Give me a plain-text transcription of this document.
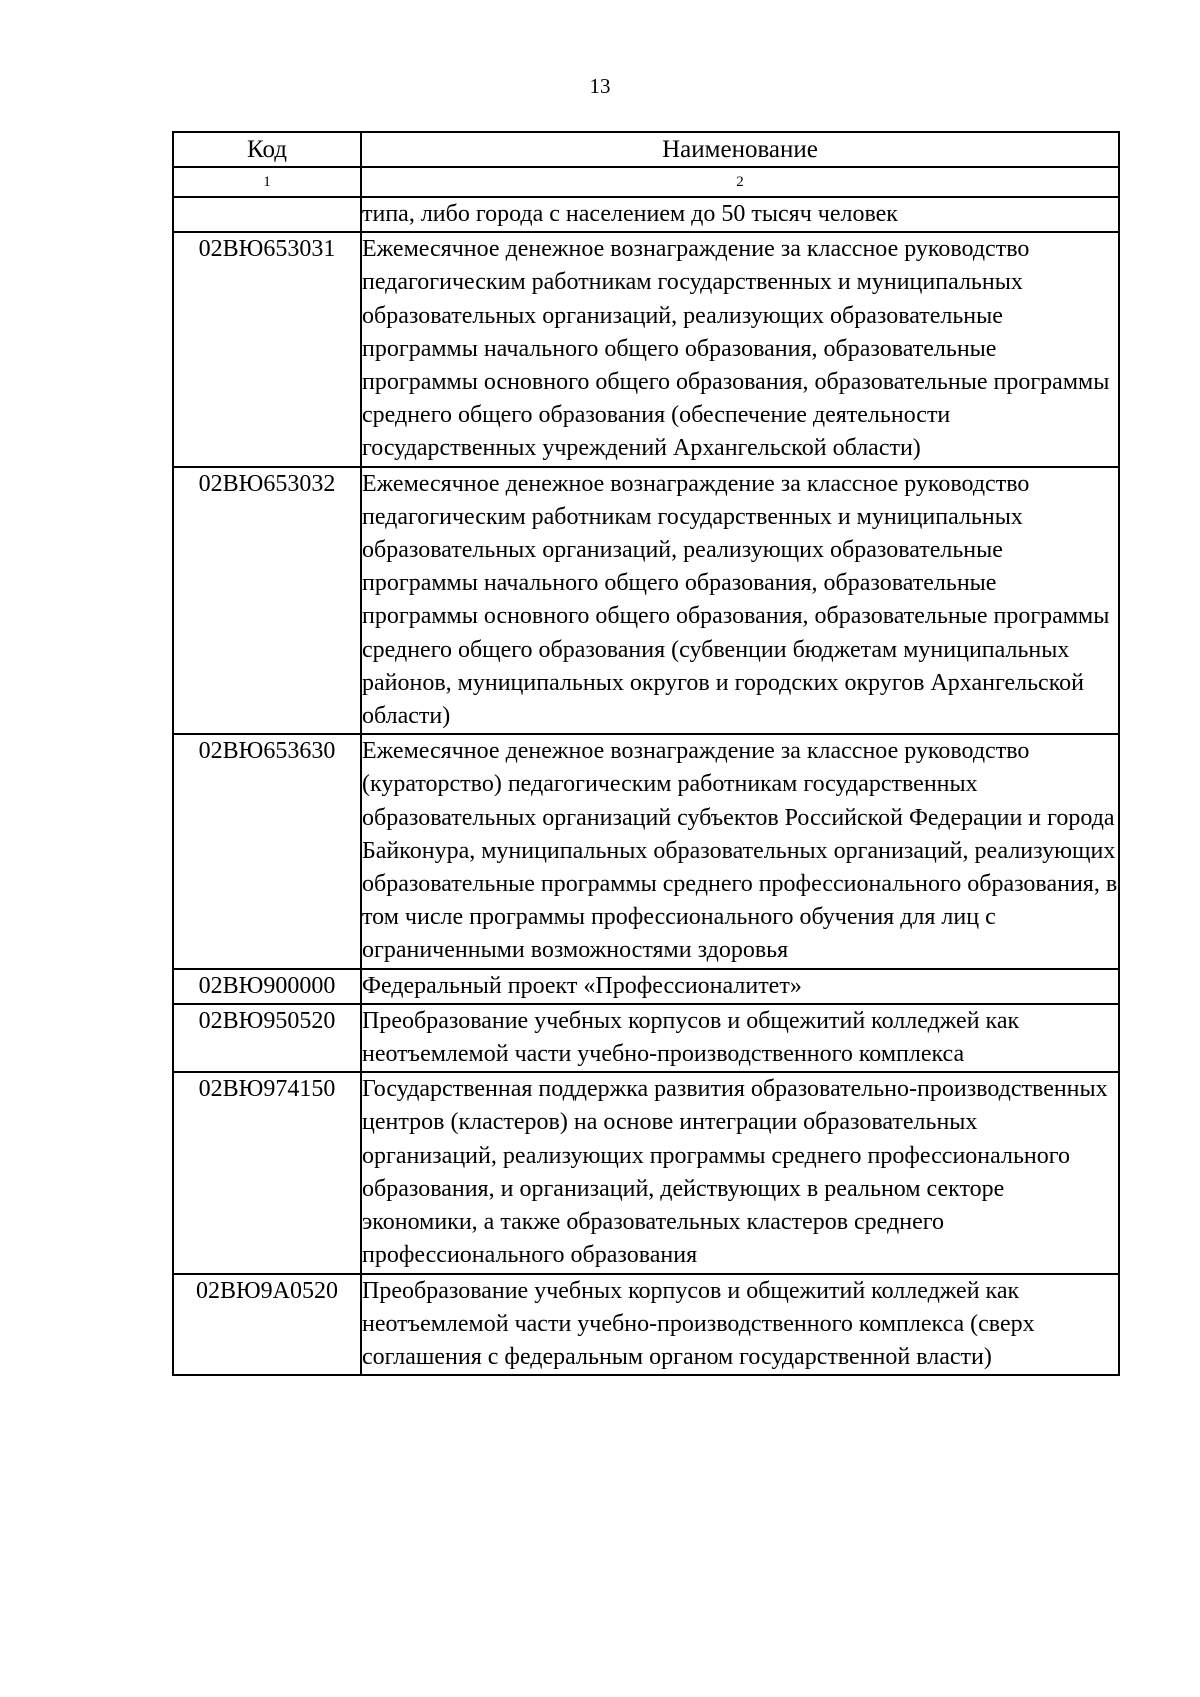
13
Код	Наименование
1	2
	типа, либо города с населением до 50 тысяч человек
02ВЮ653031	Ежемесячное денежное вознаграждение за классное руководство педагогическим работникам государственных и муниципальных образовательных организаций, реализующих образовательные программы начального общего образования, образовательные программы основного общего образования, образовательные программы среднего общего образования (обеспечение деятельности государственных учреждений Архангельской области)
02ВЮ653032	Ежемесячное денежное вознаграждение за классное руководство педагогическим работникам государственных и муниципальных образовательных организаций, реализующих образовательные программы начального общего образования, образовательные программы основного общего образования, образовательные программы среднего общего образования (субвенции бюджетам муниципальных районов, муниципальных округов и городских округов Архангельской области)
02ВЮ653630	Ежемесячное денежное вознаграждение за классное руководство (кураторство) педагогическим работникам государственных образовательных организаций субъектов Российской Федерации и города Байконура, муниципальных образовательных организаций, реализующих образовательные программы среднего профессионального образования, в том числе программы профессионального обучения для лиц с ограниченными возможностями здоровья
02ВЮ900000	Федеральный проект «Профессионалитет»
02ВЮ950520	Преобразование учебных корпусов и общежитий колледжей как неотъемлемой части учебно-производственного комплекса
02ВЮ974150	Государственная поддержка развития образовательно-производственных центров (кластеров) на основе интеграции образовательных организаций, реализующих программы среднего профессионального образования, и организаций, действующих в реальном секторе экономики, а также образовательных кластеров среднего профессионального образования
02ВЮ9А0520	Преобразование учебных корпусов и общежитий колледжей как неотъемлемой части учебно-производственного комплекса (сверх соглашения с федеральным органом государственной власти)
